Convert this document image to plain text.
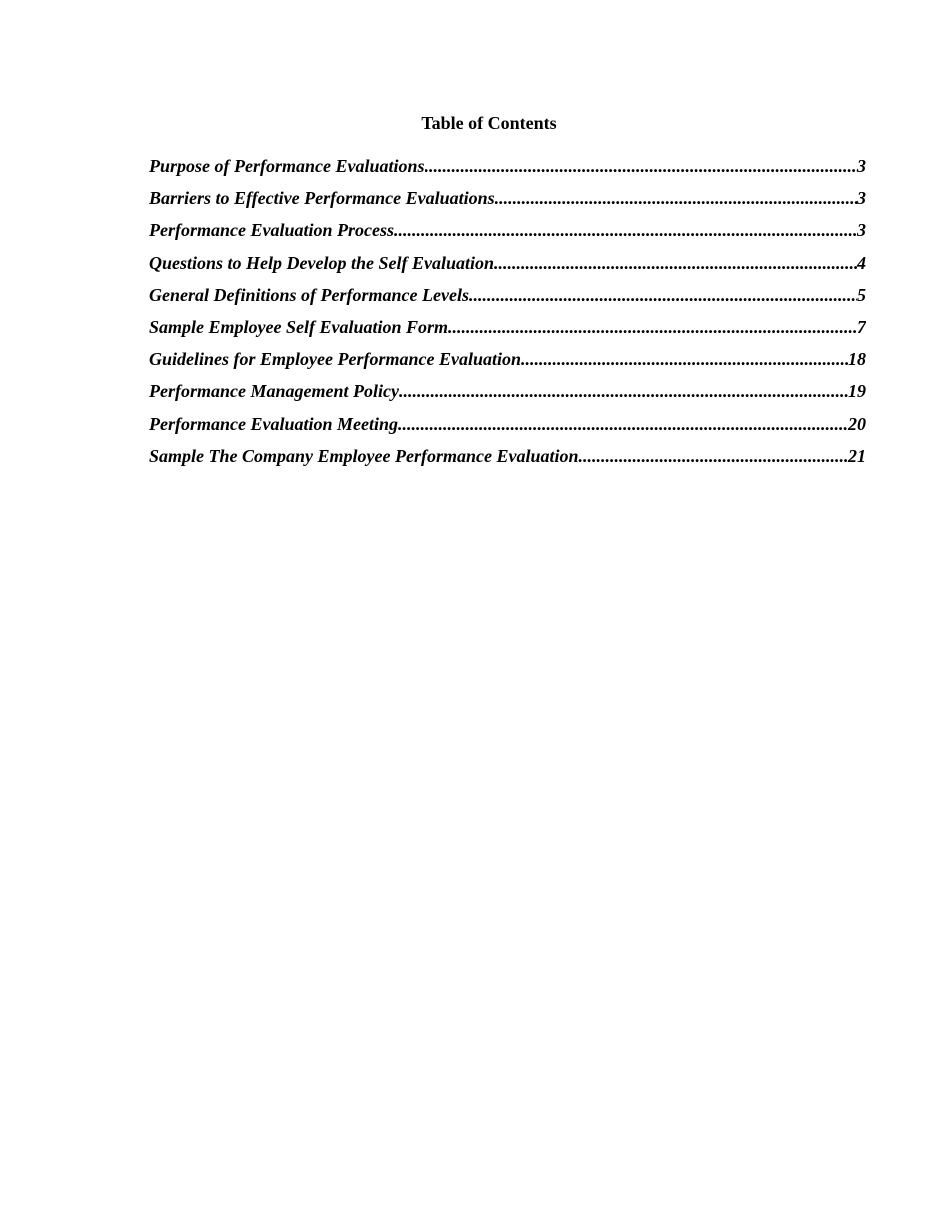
Table of Contents
Purpose of Performance Evaluations .....	3
Barriers to Effective Performance Evaluations .....	3
Performance Evaluation Process .....	3
Questions to Help Develop the Self Evaluation .....	4
General Definitions of Performance Levels .....	5
Sample Employee Self Evaluation Form .....	7
Guidelines for Employee Performance Evaluation .....	18
Performance Management Policy .....	19
Performance Evaluation Meeting .....	20
Sample The Company Employee Performance Evaluation .....	21
